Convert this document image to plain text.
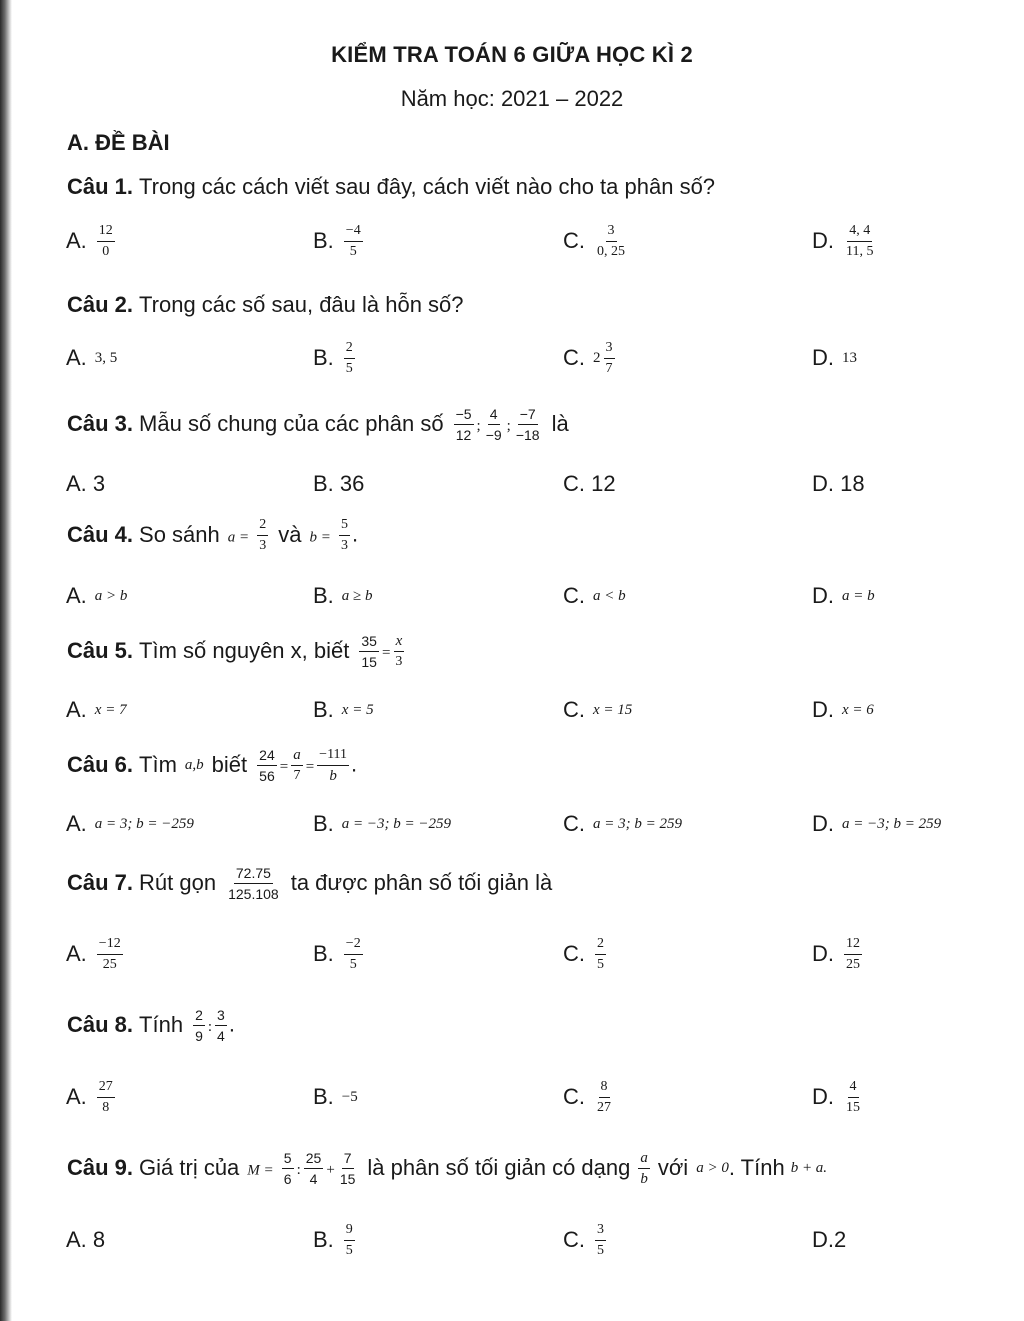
KIỂM TRA TOÁN 6 GIỮA HỌC KÌ 2
Năm học: 2021 – 2022
A. ĐỀ BÀI
Câu 1. Trong các cách viết sau đây, cách viết nào cho ta phân số?
A. $\frac{12}{0}$	B. $\frac{-4}{5}$	C. $\frac{3}{0, 25}$	D. $\frac{4, 4}{11, 5}$
Câu 2. Trong các số sau, đâu là hỗn số?
A. 3, 5	B. $\frac{2}{5}$	C. $2 \frac{3}{7}$	D. 13
Câu 3. Mẫu số chung của các phân số $\frac{-5}{12}$ ; $\frac{4}{-9}$ ; $\frac{-7}{-18}$ là
A. 3	B. 36	C. 12	D. 18
Câu 4. So sánh $a = \frac{2}{3}$ và $b = \frac{5}{3}$ .
A. a > b	B. a ≥ b	C. a < b	D. a = b
Câu 5. Tìm số nguyên x, biết $\frac{35}{15} = \frac{x}{3}$
A. x = 7	B. x = 5	C. x = 15	D. x = 6
Câu 6. Tìm a,b biết $\frac{24}{56} = \frac{a}{7} = \frac{-111}{b}$ .
A. a = 3; b = −259	B. a = −3; b = −259	C. a = 3; b = 259	D. a = −3; b = 259
Câu 7. Rút gọn $\frac{72.75}{125.108}$ ta được phân số tối giản là
A. $\frac{-12}{25}$	B. $\frac{-2}{5}$	C. $\frac{2}{5}$	D. $\frac{12}{25}$
Câu 8. Tính $\frac{2}{9}$ : $\frac{3}{4}$ .
A. $\frac{27}{8}$	B. −5	C. $\frac{8}{27}$	D. $\frac{4}{15}$
Câu 9. Giá trị của $M = \frac{5}{6}$ : $\frac{25}{4} + \frac{7}{15}$ là phân số tối giản có dạng $\frac{a}{b}$ với a > 0 . Tính b + a.
A. 8	B. $\frac{9}{5}$	C. $\frac{3}{5}$	D.2
